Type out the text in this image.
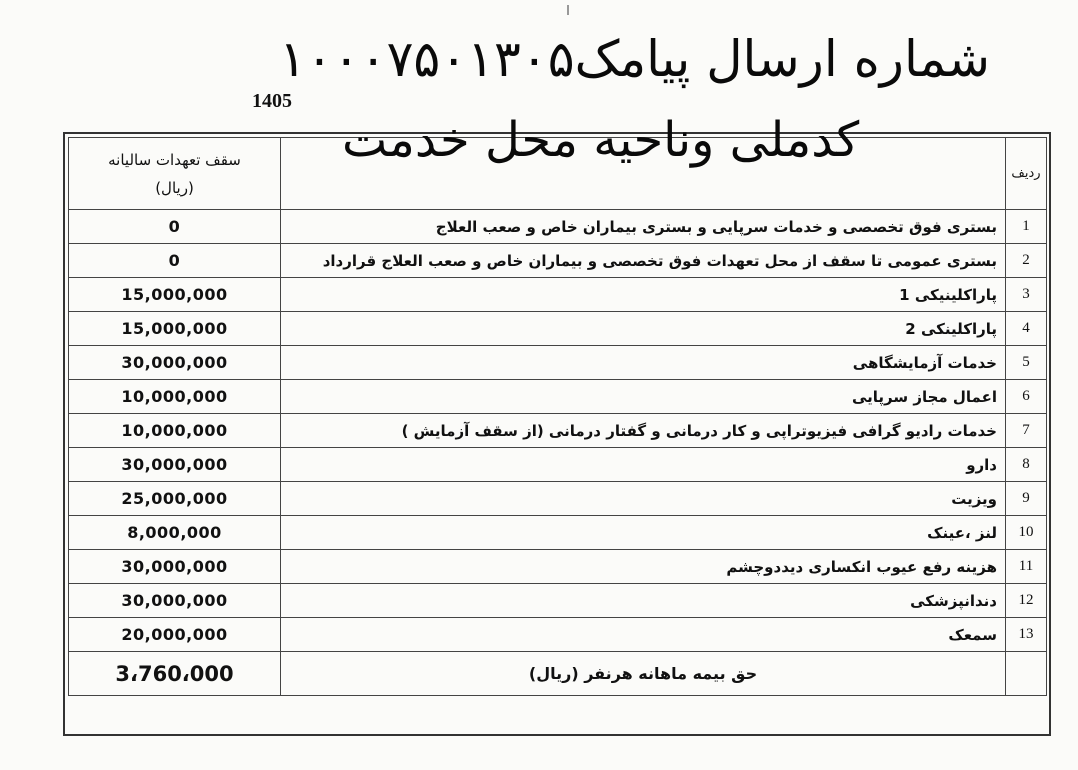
1405
ردیف		سقف تعهدات سالیانه
(ریال)

1	بستری فوق تخصصی و خدمات سرپایی و بستری بیماران خاص و صعب العلاج	0
2	بستری عمومی تا سقف از محل تعهدات فوق تخصصی و بیماران خاص و صعب العلاج قرارداد	0
3	پاراکلینیکی 1	15,000,000
4	پاراکلینکی 2	15,000,000
5	خدمات آزمایشگاهی	30,000,000
6	اعمال مجاز سرپایی	10,000,000
7	خدمات رادیو گرافی فیزیوتراپی و کار درمانی و گفتار درمانی (از سقف آزمایش )	10,000,000
8	دارو	30,000,000
9	ویزیت	25,000,000
10	لنز ،عینک	8,000,000
11	هزینه رفع عیوب انکساری دیددوچشم	30,000,000
12	دندانپزشکی	30,000,000
13	سمعک	20,000,000
	حق بیمه ماهانه هرنفر (ریال)	3،760،000
شماره ارسال پیامک۱۰۰۰۷۵۰۱۳۰۵
کدملی وناحیه محل خدمت
